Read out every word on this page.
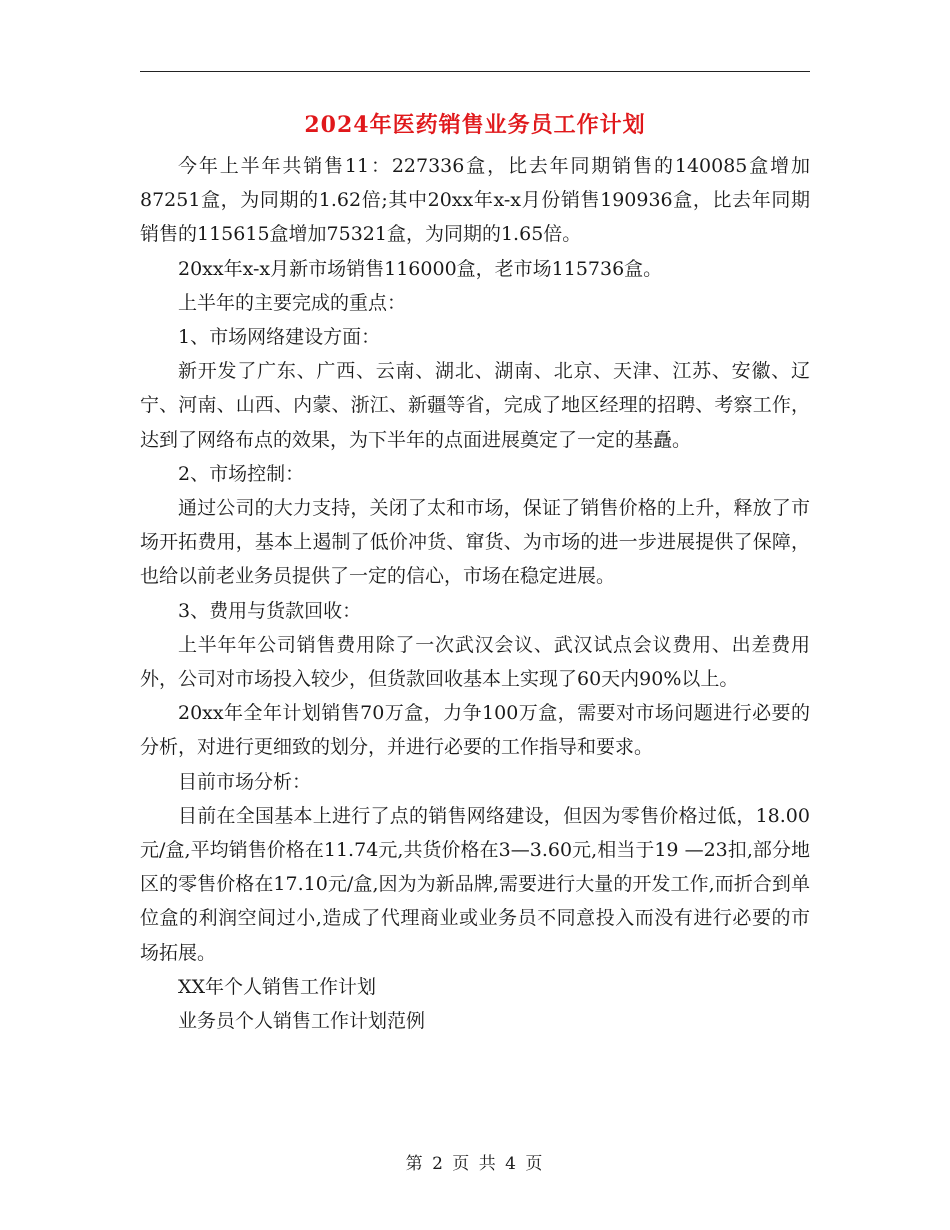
2024年医药销售业务员工作计划

今年上半年共销售11：227336盒，比去年同期销售的140085盒增加87251盒，为同期的1.62倍;其中20xx年x-x月份销售190936盒，比去年同期销售的115615盒增加75321盒，为同期的1.65倍。

20xx年x-x月新市场销售116000盒，老市场115736盒。

上半年的主要完成的重点：

1、市场网络建设方面：

新开发了广东、广西、云南、湖北、湖南、北京、天津、江苏、安徽、辽宁、河南、山西、内蒙、浙江、新疆等省，完成了地区经理的招聘、考察工作，达到了网络布点的效果，为下半年的点面进展奠定了一定的基矗。

2、市场控制：

通过公司的大力支持，关闭了太和市场，保证了销售价格的上升，释放了市场开拓费用，基本上遏制了低价冲货、窜货、为市场的进一步进展提供了保障，也给以前老业务员提供了一定的信心，市场在稳定进展。

3、费用与货款回收：

上半年年公司销售费用除了一次武汉会议、武汉试点会议费用、出差费用外，公司对市场投入较少，但货款回收基本上实现了60天内90%以上。

20xx年全年计划销售70万盒，力争100万盒，需要对市场问题进行必要的分析，对进行更细致的划分，并进行必要的工作指导和要求。

目前市场分析：

目前在全国基本上进行了点的销售网络建设，但因为零售价格过低，18.00元/盒,平均销售价格在11.74元,共货价格在3—3.60元,相当于19 —23扣,部分地区的零售价格在17.10元/盒,因为为新品牌,需要进行大量的开发工作,而折合到单位盒的利润空间过小,造成了代理商业或业务员不同意投入而没有进行必要的市场拓展。

XX年个人销售工作计划

业务员个人销售工作计划范例

第 2 页 共 4 页
